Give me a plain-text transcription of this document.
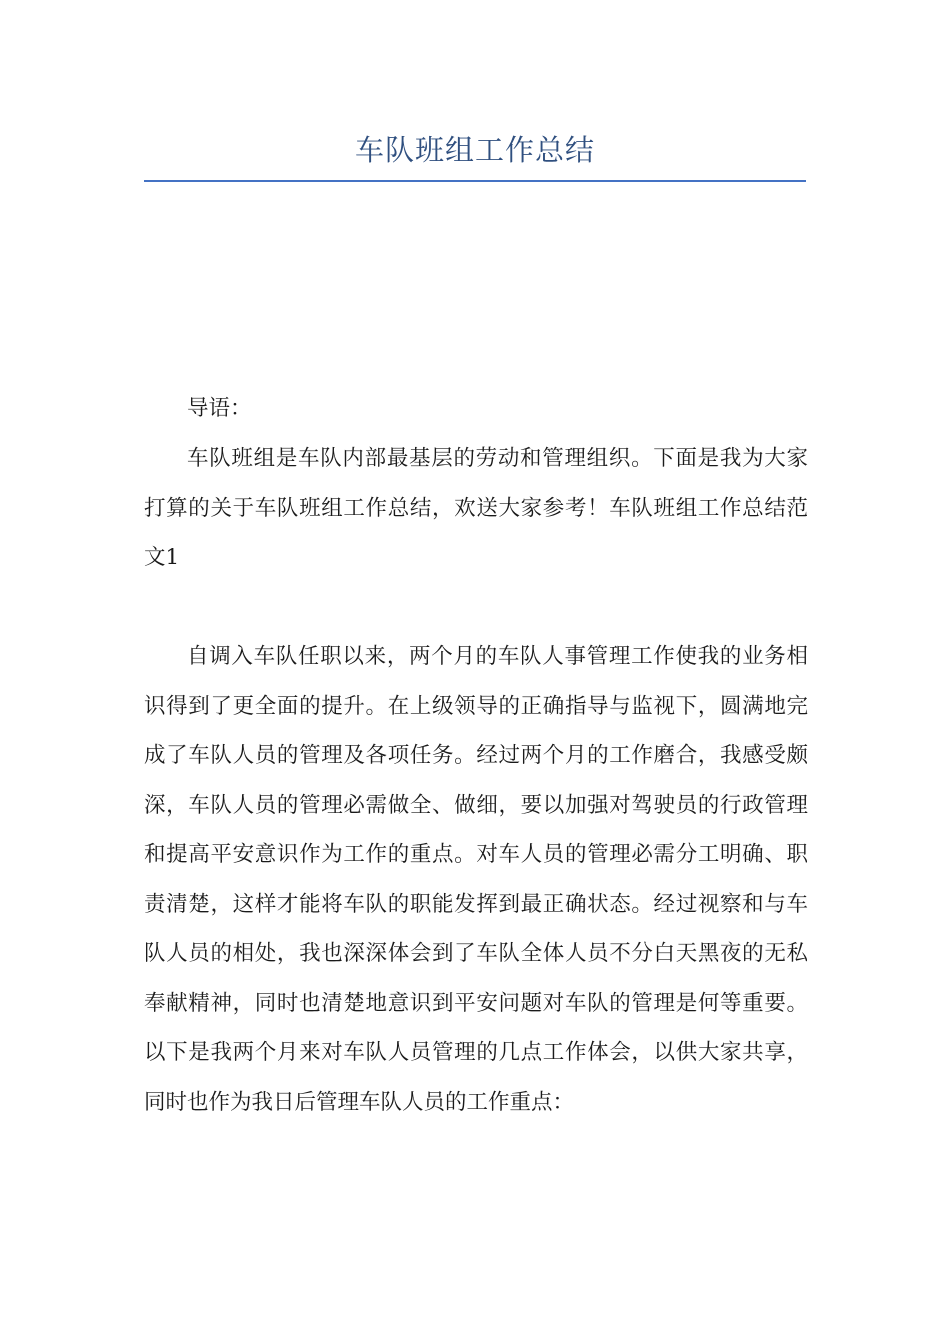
车队班组工作总结

导语：

车队班组是车队内部最基层的劳动和管理组织。下面是我为大家打算的关于车队班组工作总结，欢送大家参考！车队班组工作总结范文1

自调入车队任职以来，两个月的车队人事管理工作使我的业务相识得到了更全面的提升。在上级领导的正确指导与监视下，圆满地完成了车队人员的管理及各项任务。经过两个月的工作磨合，我感受颇深，车队人员的管理必需做全、做细，要以加强对驾驶员的行政管理和提高平安意识作为工作的重点。对车人员的管理必需分工明确、职责清楚，这样才能将车队的职能发挥到最正确状态。经过视察和与车队人员的相处，我也深深体会到了车队全体人员不分白天黑夜的无私奉献精神，同时也清楚地意识到平安问题对车队的管理是何等重要。以下是我两个月来对车队人员管理的几点工作体会，以供大家共享，同时也作为我日后管理车队人员的工作重点：
